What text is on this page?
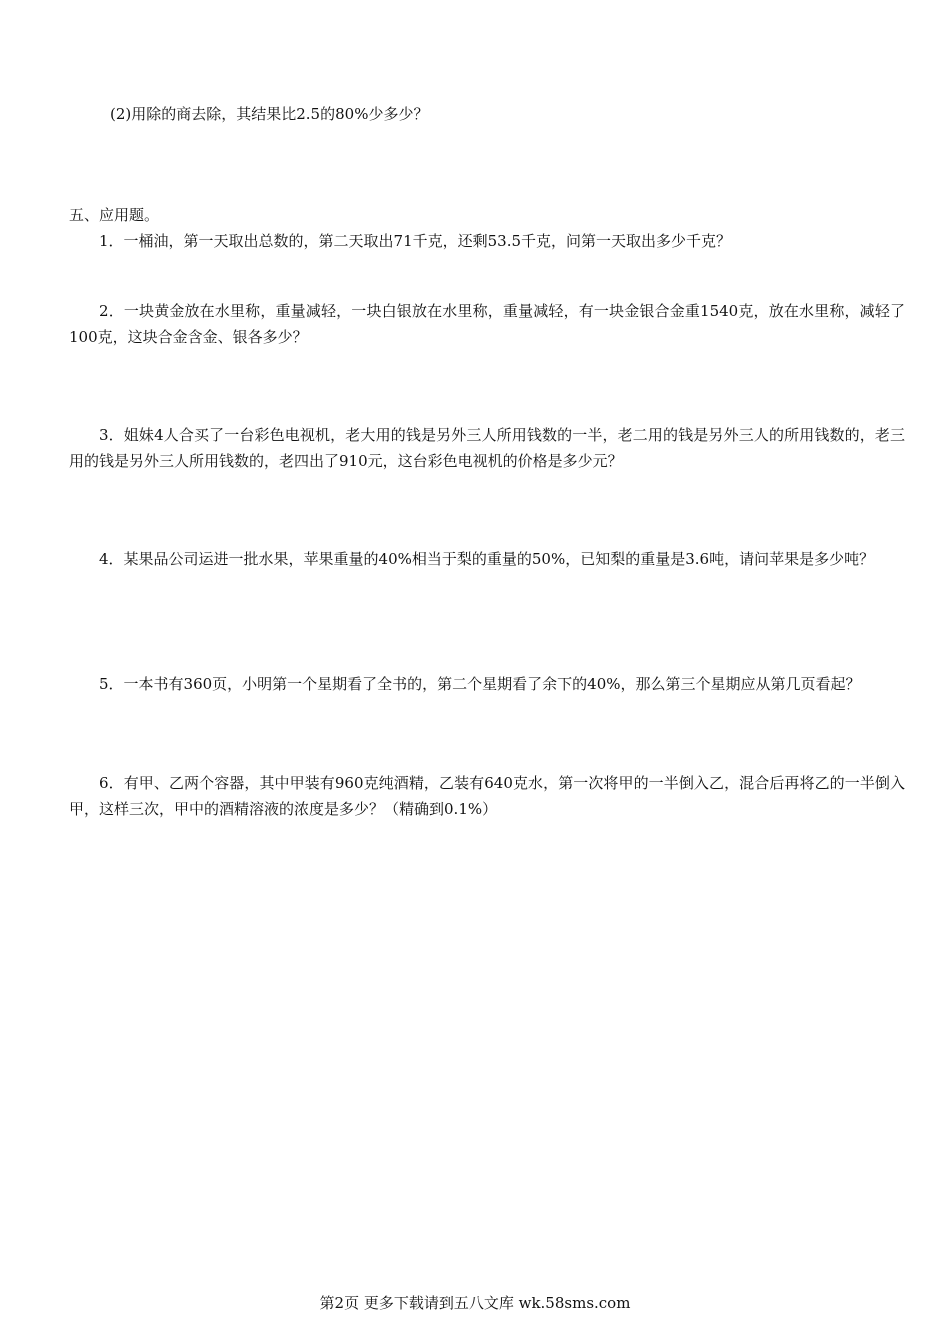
(2)用除的商去除，其结果比2.5的80%少多少？

五、应用题。

1．一桶油，第一天取出总数的，第二天取出71千克，还剩53.5千克，问第一天取出多少千克？

2．一块黄金放在水里称，重量减轻，一块白银放在水里称，重量减轻，有一块金银合金重1540克，放在水里称，减轻了100克，这块合金含金、银各多少？

3．姐妹4人合买了一台彩色电视机，老大用的钱是另外三人所用钱数的一半，老二用的钱是另外三人的所用钱数的，老三用的钱是另外三人所用钱数的，老四出了910元，这台彩色电视机的价格是多少元？

4．某果品公司运进一批水果，苹果重量的40%相当于梨的重量的50%，已知梨的重量是3.6吨，请问苹果是多少吨？

5．一本书有360页，小明第一个星期看了全书的，第二个星期看了余下的40%，那么第三个星期应从第几页看起？

6．有甲、乙两个容器，其中甲装有960克纯酒精，乙装有640克水，第一次将甲的一半倒入乙，混合后再将乙的一半倒入甲，这样三次，甲中的酒精溶液的浓度是多少？（精确到0.1%）

第2页 更多下载请到五八文库 wk.58sms.com
